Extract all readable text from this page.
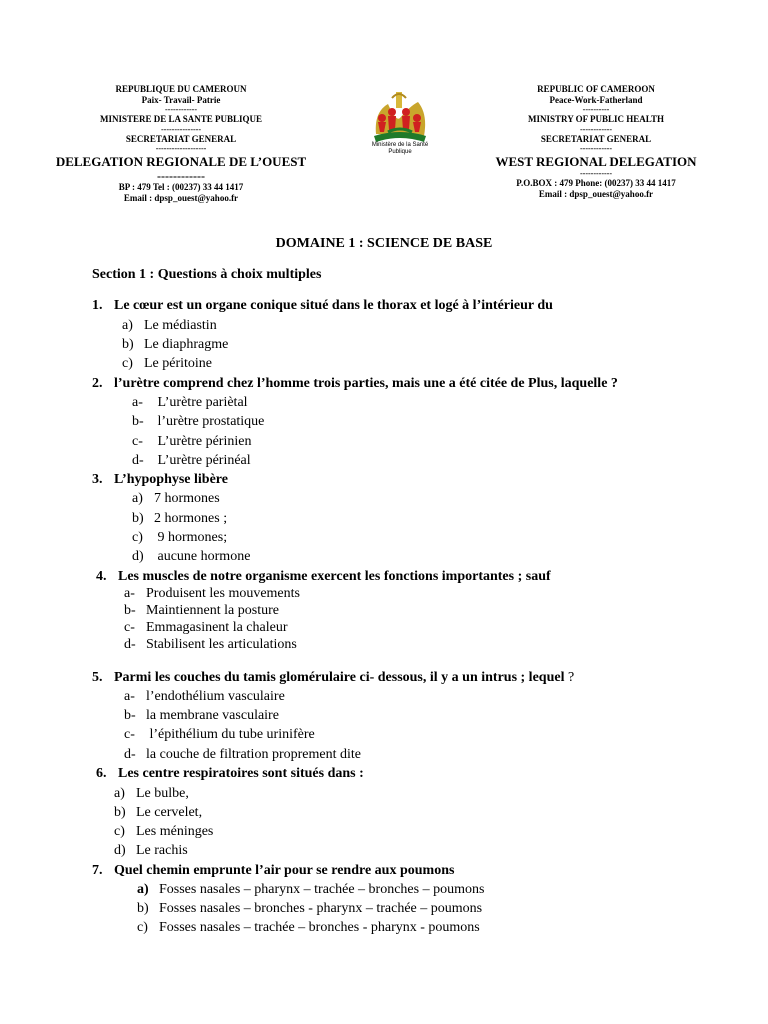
REPUBLIQUE DU CAMEROUN
Paix- Travail- Patrie
------------
MINISTERE DE LA SANTE PUBLIQUE
---------------
SECRETARIAT GENERAL
-------------------
DELEGATION REGIONALE DE L’OUEST
------------
BP : 479 Tel : (00237) 33 44 1417
Email : dpsp_ouest@yahoo.fr
Ministère de la Santé Publique
REPUBLIC OF CAMEROON
Peace-Work-Fatherland
----------
MINISTRY OF PUBLIC HEALTH
------------
SECRETARIAT GENERAL
------------
WEST REGIONAL DELEGATION
------------
P.O.BOX : 479 Phone: (00237) 33 44 1417
Email : dpsp_ouest@yahoo.fr
DOMAINE 1 : SCIENCE DE BASE
Section 1 : Questions à choix multiples
1. Le cœur est un organe conique situé dans le thorax et logé à l’intérieur du
a) Le médiastin
b) Le diaphragme
c) Le péritoine
2. l’urètre comprend chez l’homme trois parties, mais une a été citée de Plus, laquelle ?
a- L’urètre pariètal
b- l’urètre prostatique
c- L’urètre périnien
d- L’urètre périnéal
3. L’hypophyse libère
a) 7 hormones
b) 2 hormones ;
c) 9 hormones;
d) aucune hormone
4. Les muscles de notre organisme exercent les fonctions importantes ; sauf
a- Produisent les mouvements
b- Maintiennent la posture
c- Emmagasinent la chaleur
d- Stabilisent les articulations
5. Parmi les couches du tamis glomérulaire ci- dessous, il y a un intrus ; lequel ?
a- l’endothélium vasculaire
b- la membrane vasculaire
c- l’épithélium du tube urinifère
d- la couche de filtration proprement dite
6. Les centre respiratoires sont situés dans :
a) Le bulbe,
b) Le cervelet,
c) Les méninges
d) Le rachis
7. Quel chemin emprunte l’air pour se rendre aux poumons
a) Fosses nasales – pharynx – trachée – bronches – poumons
b) Fosses nasales – bronches - pharynx – trachée – poumons
c) Fosses nasales – trachée – bronches - pharynx - poumons
